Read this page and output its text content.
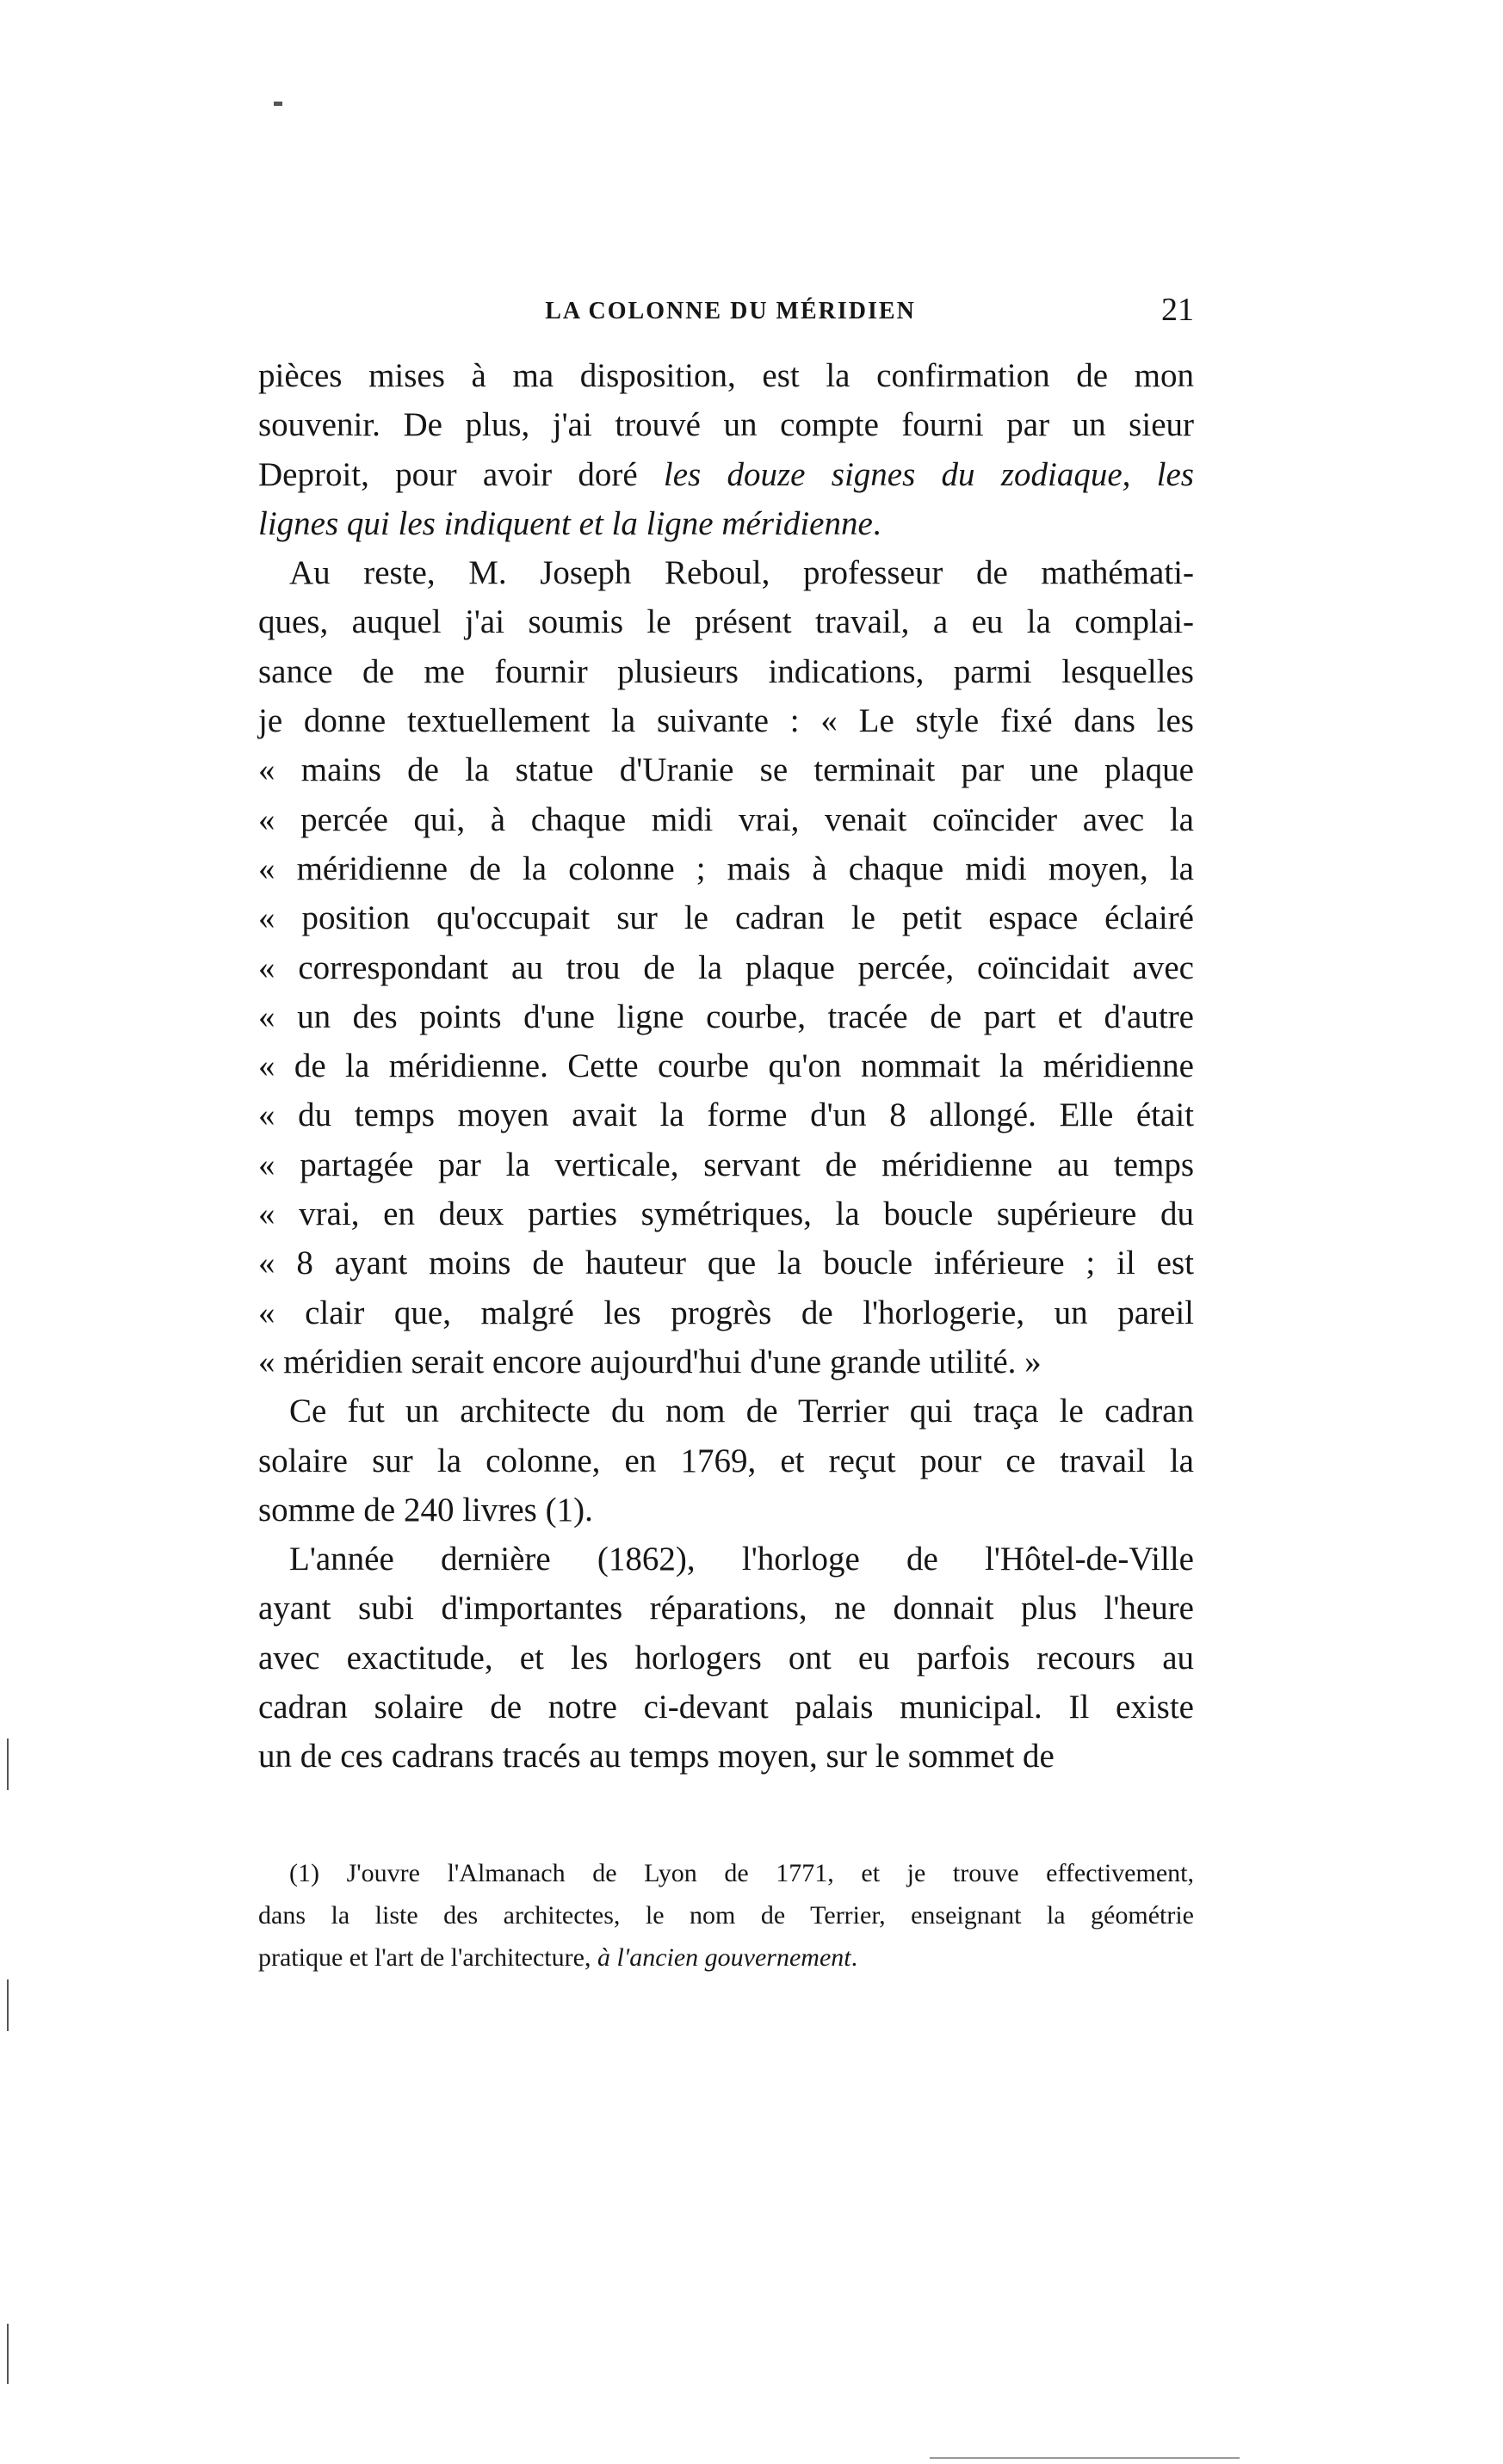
LA COLONNE DU MÉRIDIEN	21
pièces mises à ma disposition, est la confirmation de mon
souvenir. De plus, j'ai trouvé un compte fourni par un sieur
Deproit, pour avoir doré les douze signes du zodiaque, les
lignes qui les indiquent et la ligne méridienne.
Au reste, M. Joseph Reboul, professeur de mathémati-
ques, auquel j'ai soumis le présent travail, a eu la complai-
sance de me fournir plusieurs indications, parmi lesquelles
je donne textuellement la suivante : « Le style fixé dans les
« mains de la statue d'Uranie se terminait par une plaque
« percée qui, à chaque midi vrai, venait coïncider avec la
« méridienne de la colonne ; mais à chaque midi moyen, la
« position qu'occupait sur le cadran le petit espace éclairé
« correspondant au trou de la plaque percée, coïncidait avec
« un des points d'une ligne courbe, tracée de part et d'autre
« de la méridienne. Cette courbe qu'on nommait la méridienne
« du temps moyen avait la forme d'un 8 allongé. Elle était
« partagée par la verticale, servant de méridienne au temps
« vrai, en deux parties symétriques, la boucle supérieure du
« 8 ayant moins de hauteur que la boucle inférieure ; il est
« clair que, malgré les progrès de l'horlogerie, un pareil
« méridien serait encore aujourd'hui d'une grande utilité. »
Ce fut un architecte du nom de Terrier qui traça le cadran
solaire sur la colonne, en 1769, et reçut pour ce travail la
somme de 240 livres (1).
L'année dernière (1862), l'horloge de l'Hôtel-de-Ville
ayant subi d'importantes réparations, ne donnait plus l'heure
avec exactitude, et les horlogers ont eu parfois recours au
cadran solaire de notre ci-devant palais municipal. Il existe
un de ces cadrans tracés au temps moyen, sur le sommet de
(1) J'ouvre l'Almanach de Lyon de 1771, et je trouve effectivement,
dans la liste des architectes, le nom de Terrier, enseignant la géométrie
pratique et l'art de l'architecture, à l'ancien gouvernement.
